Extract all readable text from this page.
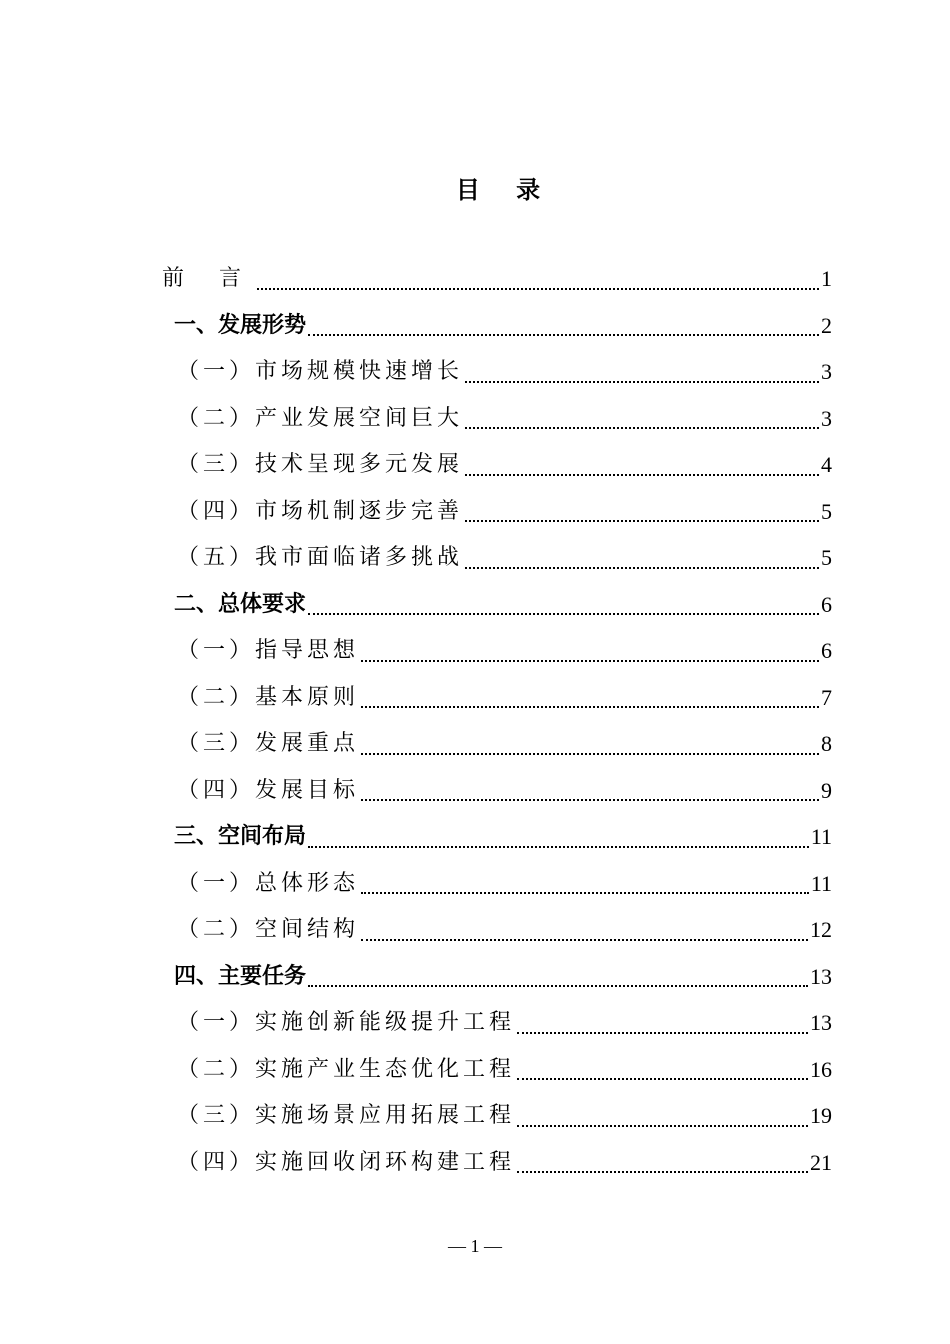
目 录
前 言	1
一、发展形势	2
（一）市场规模快速增长	3
（二）产业发展空间巨大	3
（三）技术呈现多元发展	4
（四）市场机制逐步完善	5
（五）我市面临诸多挑战	5
二、总体要求	6
（一）指导思想	6
（二）基本原则	7
（三）发展重点	8
（四）发展目标	9
三、空间布局	11
（一）总体形态	11
（二）空间结构	12
四、主要任务	13
（一）实施创新能级提升工程	13
（二）实施产业生态优化工程	16
（三）实施场景应用拓展工程	19
（四）实施回收闭环构建工程	21
— 1 —
